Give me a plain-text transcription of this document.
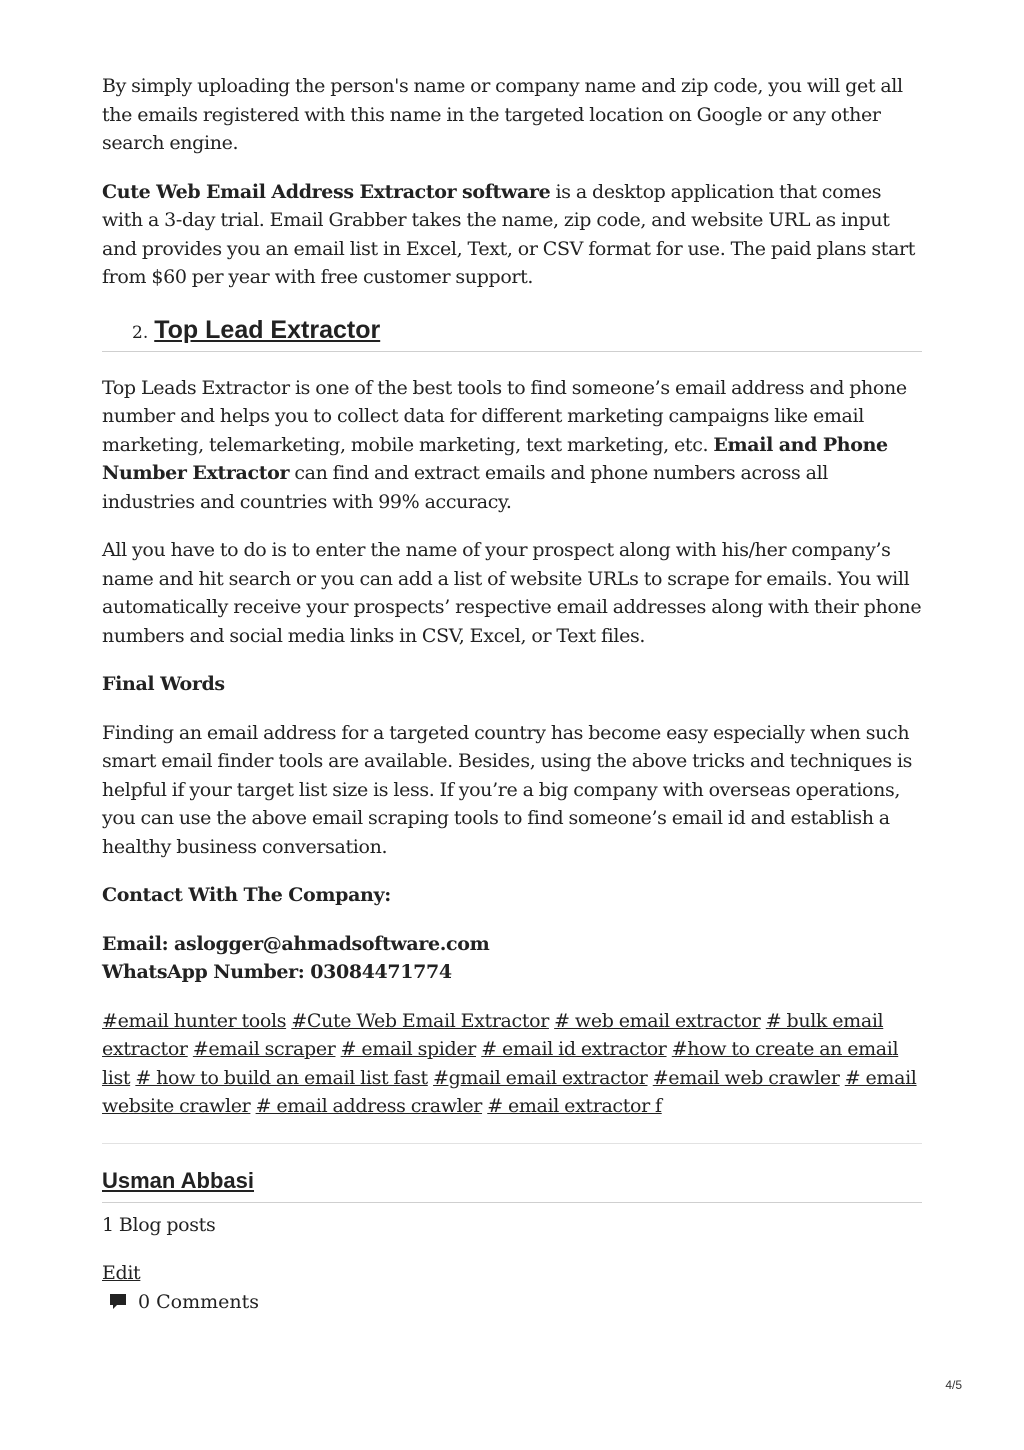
By simply uploading the person's name or company name and zip code, you will get all the emails registered with this name in the targeted location on Google or any other search engine.

Cute Web Email Address Extractor software is a desktop application that comes with a 3-day trial. Email Grabber takes the name, zip code, and website URL as input and provides you an email list in Excel, Text, or CSV format for use. The paid plans start from $60 per year with free customer support.

2. Top Lead Extractor

Top Leads Extractor is one of the best tools to find someone’s email address and phone number and helps you to collect data for different marketing campaigns like email marketing, telemarketing, mobile marketing, text marketing, etc. Email and Phone Number Extractor can find and extract emails and phone numbers across all industries and countries with 99% accuracy.

All you have to do is to enter the name of your prospect along with his/her company’s name and hit search or you can add a list of website URLs to scrape for emails. You will automatically receive your prospects’ respective email addresses along with their phone numbers and social media links in CSV, Excel, or Text files.

Final Words

Finding an email address for a targeted country has become easy especially when such smart email finder tools are available. Besides, using the above tricks and techniques is helpful if your target list size is less. If you’re a big company with overseas operations, you can use the above email scraping tools to find someone’s email id and establish a healthy business conversation.

Contact With The Company:

Email: aslogger@ahmadsoftware.com
WhatsApp Number: 03084471774

#email hunter tools #Cute Web Email Extractor # web email extractor # bulk email extractor #email scraper # email spider # email id extractor #how to create an email list # how to build an email list fast #gmail email extractor #email web crawler # email website crawler # email address crawler # email extractor f
Usman Abbasi

1 Blog posts

Edit

0 Comments
4/5
